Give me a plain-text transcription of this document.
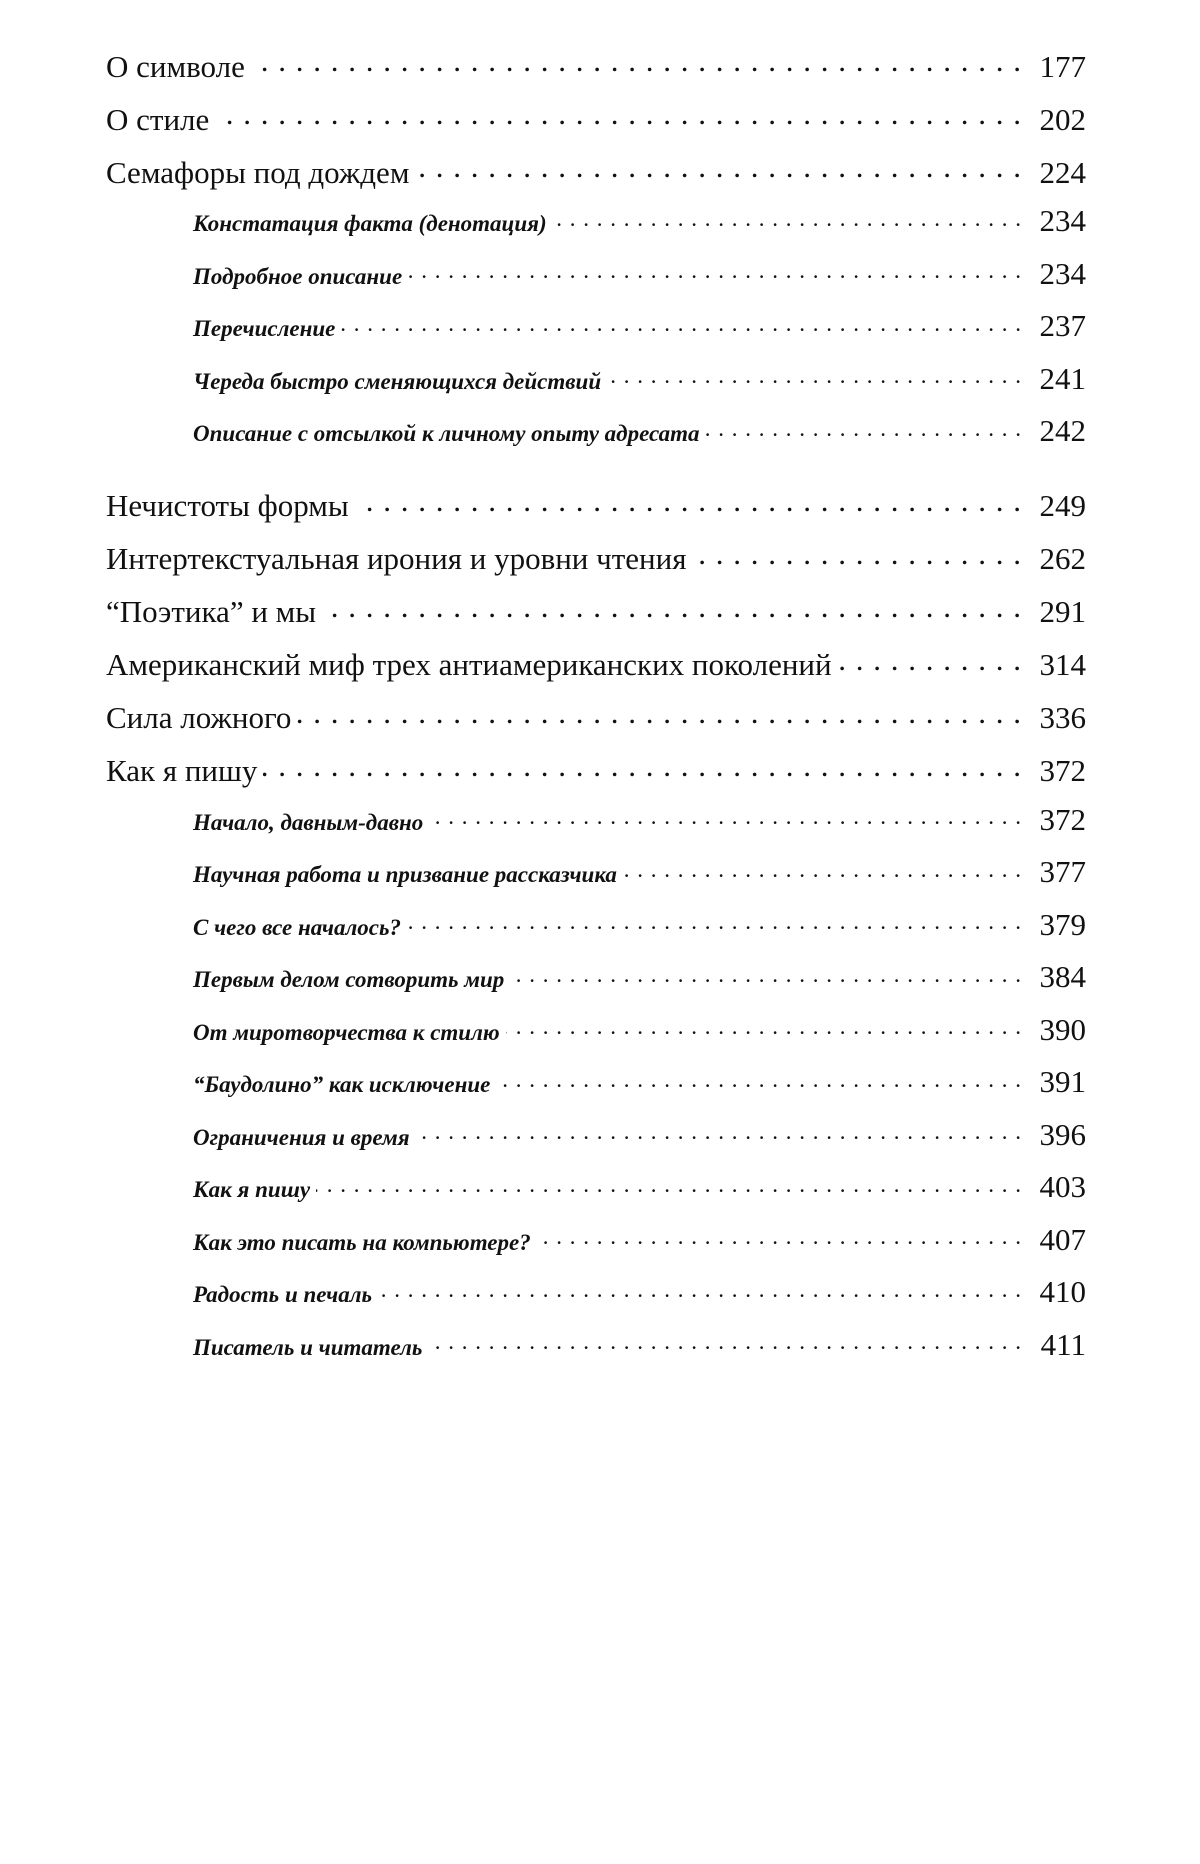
О символе . . .	177
О стиле . . .	202
Семафоры под дождем . . .	224
Констатация факта (денотация) . . .	234
Подробное описание . . .	234
Перечисление . . .	237
Череда быстро сменяющихся действий . . .	241
Описание с отсылкой к личному опыту адресата . . .	242
Нечистоты формы . . .	249
Интертекстуальная ирония и уровни чтения . . .	262
“Поэтика” и мы . . .	291
Американский миф трех антиамериканских поколений . . .	314
Сила ложного . . .	336
Как я пишу . . .	372
Начало, давным-давно . . .	372
Научная работа и призвание рассказчика . . .	377
С чего все началось? . . .	379
Первым делом сотворить мир . . .	384
От миротворчества к стилю . . .	390
“Баудолино” как исключение . . .	391
Ограничения и время . . .	396
Как я пишу . . .	403
Как это писать на компьютере? . . .	407
Радость и печаль . . .	410
Писатель и читатель . . .	411
